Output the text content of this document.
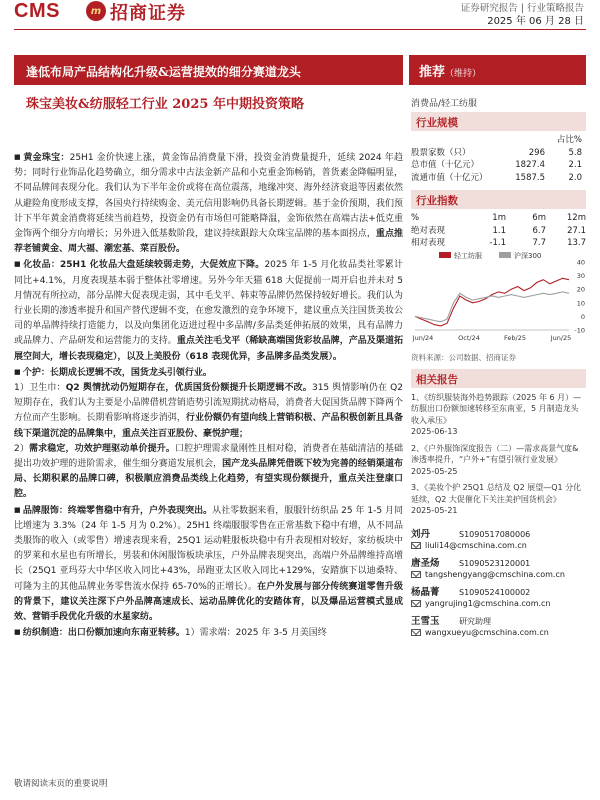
CMS	m 招商证券	证券研究报告 | 行业策略报告
2025 年 06 月 28 日
逢低布局产品结构化升级&运营提效的细分赛道龙头	推荐（维持）
珠宝美妆&纺服轻工行业 2025 年中期投资策略	消费品/轻工纺服

■ 黄金珠宝：25H1 金价快速上涨，黄金饰品消费量下滑，投资金消费量提升，延续 2024 年趋势；同时行业饰品化趋势确立，细分需求中古法金新产品和小克重金饰畅销，普货素金降幅明显，不同品牌间表现分化。我们认为下半年金价或将在高位震荡，地缘冲突、海外经济衰退等因素依然从避险角度形成支撑，各国央行持续购金、美元信用影响仍具备长期逻辑。基于金价预期，我们预计下半年黄金消费将延续当前趋势，投资金仍有市场但可能略降温，金饰依然在高端古法+低克重金饰两个细分方向增长；另外进入低基数阶段，建议持续跟踪大众珠宝品牌的基本面拐点，重点推荐老铺黄金、周大福、潮宏基、菜百股份。

■ 化妆品：25H1 化妆品大盘延续较弱走势，大促效应下降。2025 年 1-5 月化妆品类社零累计同比+4.1%，月度表现基本弱于整体社零增速。另外今年天猫 618 大促提前一周开启也并未对 5 月情况有所拉动，部分品牌大促表现走弱，其中毛戈平、韩束等品牌仍然保持较好增长。我们认为行业长期的渗透率提升和国产替代逻辑不变，在愈发激烈的竞争环境下，建议重点关注国货美妆公司的单品牌持续打造能力，以及向集团化迈进过程中多品牌/多品类延伸拓展的效果，具有品牌力或品牌力、产品研发和运营能力的支持。重点关注毛戈平（稀缺高端国货彩妆品牌，产品及渠道拓展空间大，增长表现稳定），以及上美股份（618 表现优异，多品牌多品类发展）。

■ 个护：长期成长逻辑不改，国货龙头引领行业。

1）卫生巾：Q2 舆情扰动仍短期存在，优质国货份额提升长期逻辑不改。315 舆情影响仍在 Q2 短期存在，我们认为主要是小品牌借机营销造势引流短期扰动格局，消费者大促国货品牌下降两个方位而产生影响。长期看影响将逐步消弭，行业份额仍有望向线上营销积极、产品积极创新且具备线下渠道沉淀的品牌集中，重点关注百亚股份、豪悦护理；

2）需求稳定，功效护理驱动单价提升。口腔护理需求量刚性且相对稳，消费者在基础清洁的基础提出功效护理的进阶需求，催生细分赛道发展机会，国产龙头品牌凭借既下较为完善的经销渠道布局、长期积累的品牌口碑，积极顺应消费品类线上化趋势，有望实现份额提升，重点关注登康口腔。

■ 品牌服饰：终端零售稳中有升，户外表现突出。从社零数据来看，服服针纺织品 25 年 1-5 月同比增速为 3.3%（24 年 1-5 月为 0.2%）。25H1 终端服服零售在正常基数下稳中有增，从不同品类服饰的收入（或零售）增速表现来看，25Q1 运动鞋服板块稳中有升表现相对较好，家纺板块中的罗莱和水星也有所增长，男装和休闲服饰板块承压，户外品牌表现突出，高端户外品牌维持高增长（25Q1 亚玛芬大中华区收入同比+43%，昂跑亚太区收入同比+129%，安踏旗下以迪桑特、可隆为主的其他品牌业务零售流水保持 65-70%的正增长）。在户外发展与部分传统赛道零售升级的背景下，建议关注深下户外品牌高速成长、运动品牌优化的安踏体育，以及爆品运营模式显成效、营销手段优化升级的水星家纺。

■ 纺织制造：出口份额加速向东南亚转移。1）需求端：2025 年 3-5 月美国终

行业规模
占比%
股票家数（只）	296	5.8
总市值（十亿元）	1827.4	2.1
流通市值（十亿元）	1587.5	2.0
行业指数
%	1m	6m	12m
绝对表现	1.1	6.7	27.1
相对表现	-1.1	7.7	13.7
轻工纺服	沪深300
40
30
20
10
0
-10
Jun/24	Oct/24	Feb/25	Jun/25
资料来源：公司数据、招商证券
相关报告
1、《纺织服装海外趋势跟踪（2025 年 6 月）—纺服出口份额加速转移至东南亚，5 月制造龙头收入承压》
2025-06-13
2、《户外服饰深度报告（二）—需求高景气度&渗透率提升，“户外+”有望引领行业发展》
2025-05-25
3、《美妆个护 25Q1 总结及 Q2 展望—Q1 分化延续，Q2 大促催化下关注美护国货机会》
2025-05-21
刘丹	S1090517080006
liuli14@cmschina.com.cn
唐圣炀 S1090523120001
tangshengyang@cmschina.com.cn
杨晶菁 S1090524100002
yangrujing1@cmschina.com.cn
王雪玉 研究助理
wangxueyu@cmschina.com.cn
敬请阅读末页的重要说明
